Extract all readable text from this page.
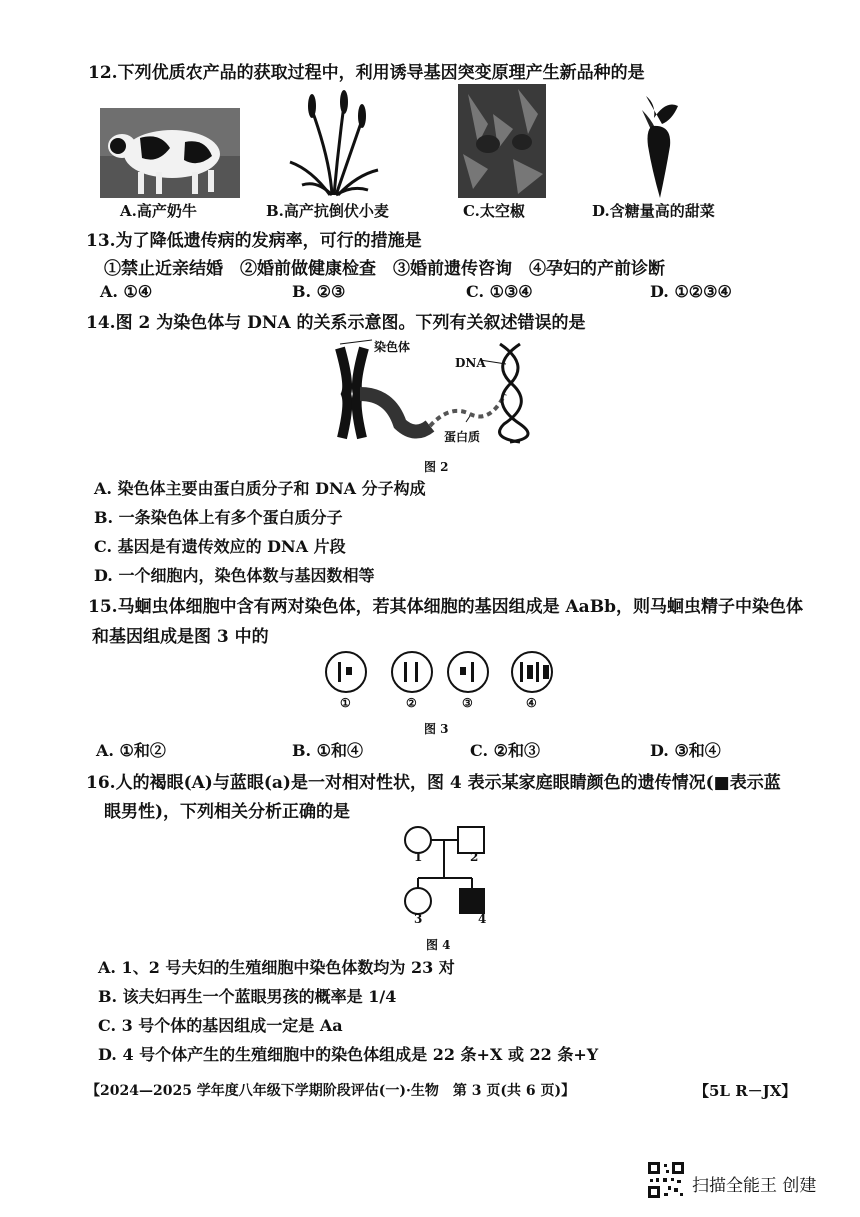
12.下列优质农产品的获取过程中，利用诱导基因突变原理产生新品种的是
A.高产奶牛	B.高产抗倒伏小麦	C.太空椒	D.含糖量高的甜菜
13.为了降低遗传病的发病率，可行的措施是
①禁止近亲结婚　②婚前做健康检查　③婚前遗传咨询　④孕妇的产前诊断
A. ①④	B. ②③	C. ①③④	D. ①②③④
14.图 2 为染色体与 DNA 的关系示意图。下列有关叙述错误的是
染色体
DNA
蛋白质
图 2
A. 染色体主要由蛋白质分子和 DNA 分子构成
B. 一条染色体上有多个蛋白质分子
C. 基因是有遗传效应的 DNA 片段
D. 一个细胞内，染色体数与基因数相等
15.马蛔虫体细胞中含有两对染色体，若其体细胞的基因组成是 AaBb，则马蛔虫精子中染色体
和基因组成是图 3 中的
①	②	③	④
图 3
A. ①和②	B. ①和④	C. ②和③	D. ③和④
16.人的褐眼(A)与蓝眼(a)是一对相对性状，图 4 表示某家庭眼睛颜色的遗传情况(■表示蓝
眼男性)，下列相关分析正确的是
1	2
3	4
图 4
A. 1、2 号夫妇的生殖细胞中染色体数均为 23 对
B. 该夫妇再生一个蓝眼男孩的概率是 1/4
C. 3 号个体的基因组成一定是 Aa
D. 4 号个体产生的生殖细胞中的染色体组成是 22 条+X 或 22 条+Y
【2024—2025 学年度八年级下学期阶段评估(一)·生物　第 3 页(共 6 页)】	【5L R－JX】
扫描全能王 创建
